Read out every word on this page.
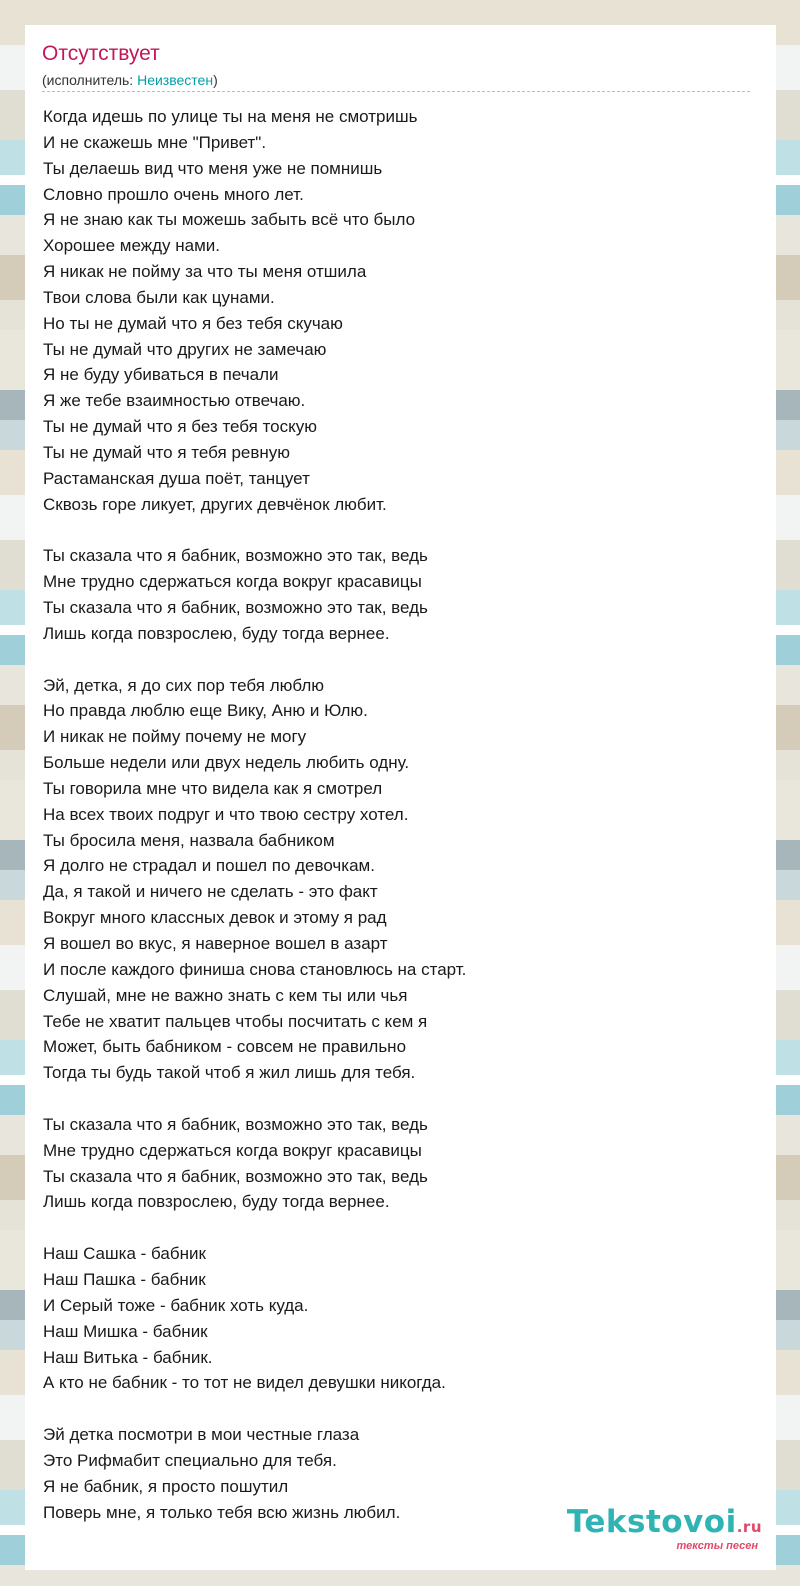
Отсутствует
(исполнитель: Неизвестен)
Когда идешь по улице ты на меня не смотришь
И не скажешь мне "Привет".
Ты делаешь вид что меня уже не помнишь
Словно прошло очень много лет.
Я не знаю как ты можешь забыть всё что было
Хорошее между нами.
Я никак не пойму за что ты меня отшила
Твои слова были как цунами.
Но ты не думай что я без тебя скучаю
Ты не думай что других не замечаю
Я не буду убиваться в печали
Я же тебе взаимностью отвечаю.
Ты не думай что я без тебя тоскую
Ты не думай что я тебя ревную
Растаманская душа поёт, танцует
Сквозь горе ликует, других девчёнок любит.
Ты сказала что я бабник, возможно это так, ведь
Мне трудно сдержаться когда вокруг красавицы
Ты сказала что я бабник, возможно это так, ведь
Лишь когда повзрослею, буду тогда вернее.
Эй, детка, я до сих пор тебя люблю
Но правда люблю еще Вику, Аню и Юлю.
И никак не пойму почему не могу
Больше недели или двух недель любить одну.
Ты говорила мне что видела как я смотрел
На всех твоих подруг и что твою сестру хотел.
Ты бросила меня, назвала бабником
Я долго не страдал и пошел по девочкам.
Да, я такой и ничего не сделать - это факт
Вокруг много классных девок и этому я рад
Я вошел во вкус, я наверное вошел в азарт
И после каждого финиша снова становлюсь на старт.
Слушай, мне не важно знать с кем ты или чья
Тебе не хватит пальцев чтобы посчитать с кем я
Может, быть бабником - совсем не правильно
Тогда ты будь такой чтоб я жил лишь для тебя.
Ты сказала что я бабник, возможно это так, ведь
Мне трудно сдержаться когда вокруг красавицы
Ты сказала что я бабник, возможно это так, ведь
Лишь когда повзрослею, буду тогда вернее.
Наш Сашка - бабник
Наш Пашка - бабник
И Серый тоже - бабник хоть куда.
Наш Мишка - бабник
Наш Витька - бабник.
А кто не бабник - то тот не видел девушки никогда.
Эй детка посмотри в мои честные глаза
Это Рифмабит специально для тебя.
Я не бабник, я просто пошутил
Поверь мне, я только тебя всю жизнь любил.	Tekstovoi.ru
тексты песен
